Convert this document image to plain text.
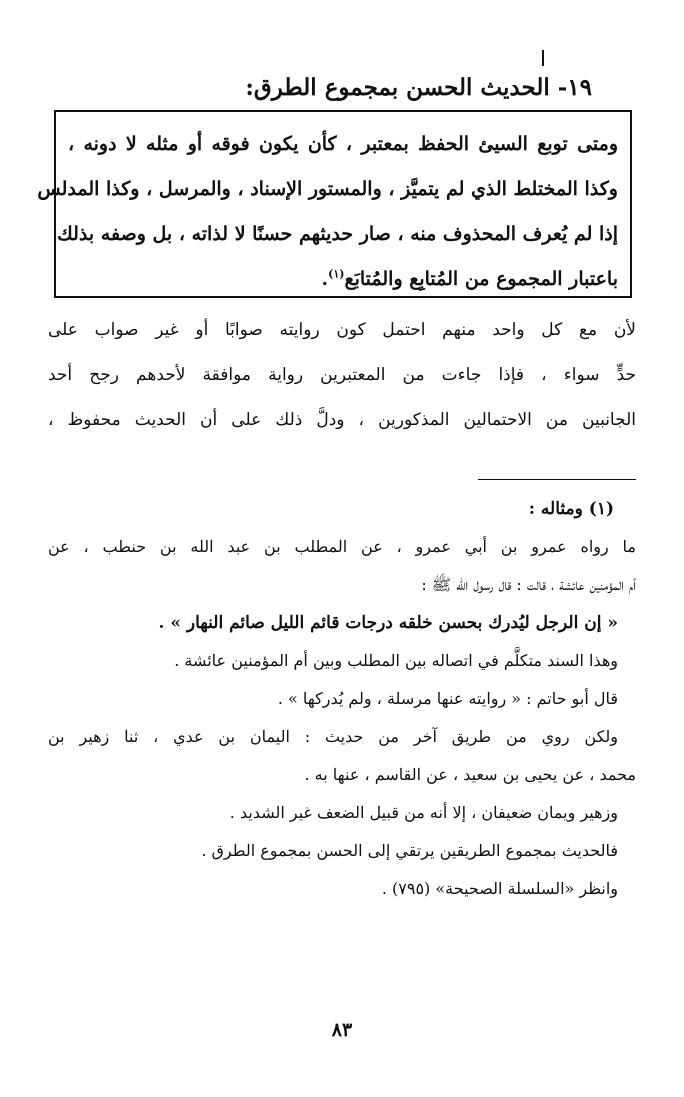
١٩- الحديث الحسن بمجموع الطرق:
ومتى توبع السيئ الحفظ بمعتبر ، كأن يكون فوقه أو مثله لا دونه ،
وكذا المختلط الذي لم يتميَّز ، والمستور الإسناد ، والمرسل ، وكذا المدلس
إذا لم يُعرف المحذوف منه ، صار حديثهم حسنًا لا لذاته ، بل وصفه بذلك
باعتبار المجموع من المُتابِع والمُتابَع$^{(١)}$.
لأن مع كل واحد منهم احتمل كون روايته صوابًا أو غير صواب على
حدٍّ سواء ، فإذا جاءت من المعتبرين رواية موافقة لأحدهم رجح أحد
الجانبين من الاحتمالين المذكورين ، ودلَّ ذلك على أن الحديث محفوظ ،
(١) ومثاله :
ما رواه عمرو بن أبي عمرو ، عن المطلب بن عبد الله بن حنطب ، عن
أم المؤمنين عائشة ، قالت : قال رسول الله ﷺ :
« إن الرجل ليُدرك بحسن خلقه درجات قائم الليل صائم النهار » .
وهذا السند متكلَّم في اتصاله بين المطلب وبين أم المؤمنين عائشة .
قال أبو حاتم : « روايته عنها مرسلة ، ولم يُدركها » .
ولكن روي من طريق آخر من حديث : اليمان بن عدي ، ثنا زهير بن
محمد ، عن يحيى بن سعيد ، عن القاسم ، عنها به .
وزهير ويمان ضعيفان ، إلا أنه من قبيل الضعف غير الشديد .
فالحديث بمجموع الطريقين يرتقي إلى الحسن بمجموع الطرق .
وانظر «السلسلة الصحيحة» (٧٩٥) .
٨٣
